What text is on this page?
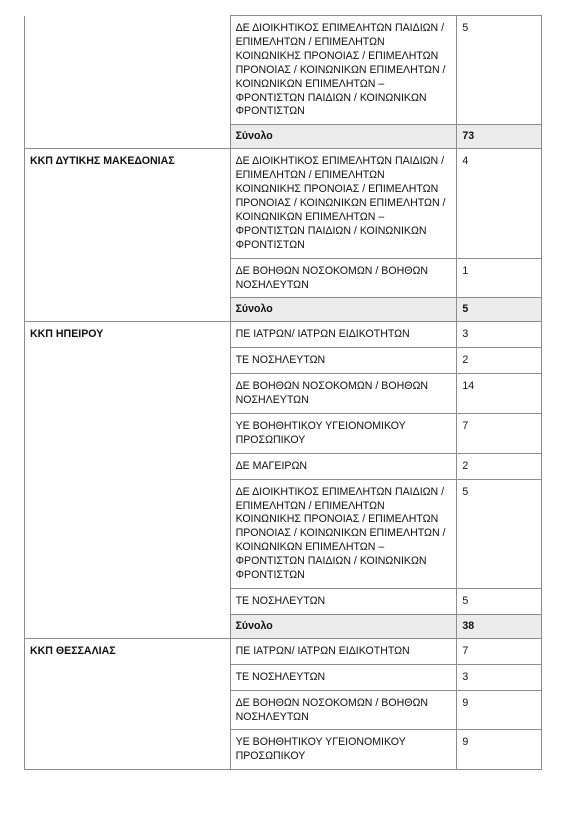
	ΔΕ ΔΙΟΙΚΗΤΙΚΟΣ ΕΠΙΜΕΛΗΤΩΝ ΠΑΙΔΙΩΝ / ΕΠΙΜΕΛΗΤΩΝ / ΕΠΙΜΕΛΗΤΩΝ ΚΟΙΝΩΝΙΚΗΣ ΠΡΟΝΟΙΑΣ / ΕΠΙΜΕΛΗΤΩΝ ΠΡΟΝΟΙΑΣ / ΚΟΙΝΩΝΙΚΩΝ ΕΠΙΜΕΛΗΤΩΝ / ΚΟΙΝΩΝΙΚΩΝ ΕΠΙΜΕΛΗΤΩΝ – ΦΡΟΝΤΙΣΤΩΝ ΠΑΙΔΙΩΝ / ΚΟΙΝΩΝΙΚΩΝ ΦΡΟΝΤΙΣΤΩΝ	5
	Σύνολο	73
ΚΚΠ ΔΥΤΙΚΗΣ ΜΑΚΕΔΟΝΙΑΣ	ΔΕ ΔΙΟΙΚΗΤΙΚΟΣ ΕΠΙΜΕΛΗΤΩΝ ΠΑΙΔΙΩΝ / ΕΠΙΜΕΛΗΤΩΝ / ΕΠΙΜΕΛΗΤΩΝ ΚΟΙΝΩΝΙΚΗΣ ΠΡΟΝΟΙΑΣ / ΕΠΙΜΕΛΗΤΩΝ ΠΡΟΝΟΙΑΣ / ΚΟΙΝΩΝΙΚΩΝ ΕΠΙΜΕΛΗΤΩΝ / ΚΟΙΝΩΝΙΚΩΝ ΕΠΙΜΕΛΗΤΩΝ – ΦΡΟΝΤΙΣΤΩΝ ΠΑΙΔΙΩΝ / ΚΟΙΝΩΝΙΚΩΝ ΦΡΟΝΤΙΣΤΩΝ	4
	ΔΕ ΒΟΗΘΩΝ ΝΟΣΟΚΟΜΩΝ / ΒΟΗΘΩΝ ΝΟΣΗΛΕΥΤΩΝ	1
	Σύνολο	5
ΚΚΠ ΗΠΕΙΡΟΥ	ΠΕ ΙΑΤΡΩΝ/ ΙΑΤΡΩΝ ΕΙΔΙΚΟΤΗΤΩΝ	3
	ΤΕ ΝΟΣΗΛΕΥΤΩΝ	2
	ΔΕ ΒΟΗΘΩΝ ΝΟΣΟΚΟΜΩΝ / ΒΟΗΘΩΝ ΝΟΣΗΛΕΥΤΩΝ	14
	ΥΕ ΒΟΗΘΗΤΙΚΟΥ ΥΓΕΙΟΝΟΜΙΚΟΥ ΠΡΟΣΩΠΙΚΟΥ	7
	ΔΕ ΜΑΓΕΙΡΩΝ	2
	ΔΕ ΔΙΟΙΚΗΤΙΚΟΣ ΕΠΙΜΕΛΗΤΩΝ ΠΑΙΔΙΩΝ / ΕΠΙΜΕΛΗΤΩΝ / ΕΠΙΜΕΛΗΤΩΝ ΚΟΙΝΩΝΙΚΗΣ ΠΡΟΝΟΙΑΣ / ΕΠΙΜΕΛΗΤΩΝ ΠΡΟΝΟΙΑΣ / ΚΟΙΝΩΝΙΚΩΝ ΕΠΙΜΕΛΗΤΩΝ / ΚΟΙΝΩΝΙΚΩΝ ΕΠΙΜΕΛΗΤΩΝ – ΦΡΟΝΤΙΣΤΩΝ ΠΑΙΔΙΩΝ / ΚΟΙΝΩΝΙΚΩΝ ΦΡΟΝΤΙΣΤΩΝ	5
	ΤΕ ΝΟΣΗΛΕΥΤΩΝ	5
	Σύνολο	38
ΚΚΠ ΘΕΣΣΑΛΙΑΣ	ΠΕ ΙΑΤΡΩΝ/ ΙΑΤΡΩΝ ΕΙΔΙΚΟΤΗΤΩΝ	7
	ΤΕ ΝΟΣΗΛΕΥΤΩΝ	3
	ΔΕ ΒΟΗΘΩΝ ΝΟΣΟΚΟΜΩΝ / ΒΟΗΘΩΝ ΝΟΣΗΛΕΥΤΩΝ	9
	ΥΕ ΒΟΗΘΗΤΙΚΟΥ ΥΓΕΙΟΝΟΜΙΚΟΥ ΠΡΟΣΩΠΙΚΟΥ	9
